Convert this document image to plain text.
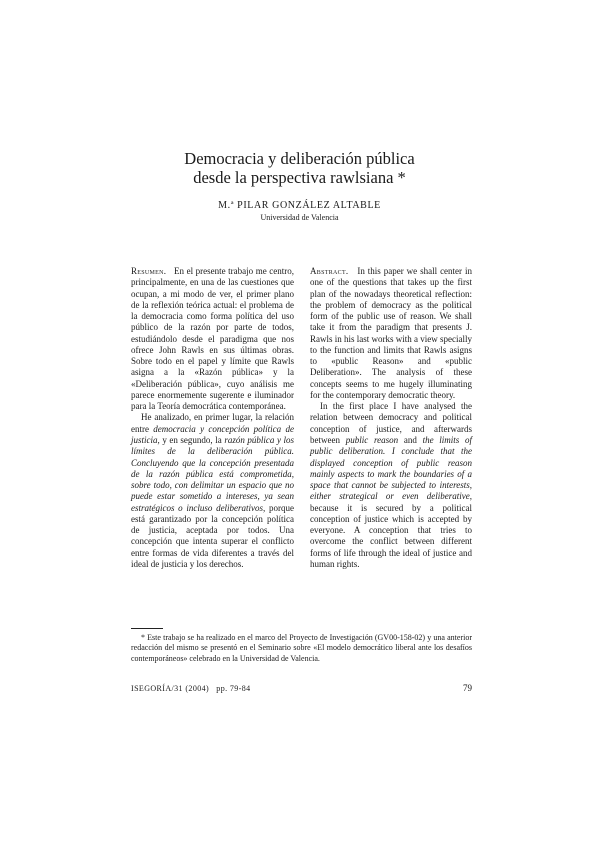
Democracia y deliberación pública
desde la perspectiva rawlsiana *
M.ª PILAR GONZÁLEZ ALTABLE
Universidad de Valencia

Resumen. En el presente trabajo me centro, principalmente, en una de las cuestiones que ocupan, a mi modo de ver, el primer plano de la reflexión teórica actual: el problema de la democracia como forma política del uso público de la razón por parte de todos, estudiándolo desde el paradigma que nos ofrece John Rawls en sus últimas obras. Sobre todo en el papel y límite que Rawls asigna a la «Razón pública» y la «Deliberación pública», cuyo análisis me parece enormemente sugerente e iluminador para la Teoría democrática contemporánea.

He analizado, en primer lugar, la relación entre democracia y concepción política de justicia, y en segundo, la razón pública y los límites de la deliberación pública. Concluyendo que la concepción presentada de la razón pública está comprometida, sobre todo, con delimitar un espacio que no puede estar sometido a intereses, ya sean estratégicos o incluso deliberativos, porque está garantizado por la concepción política de justicia, aceptada por todos. Una concepción que intenta superar el conflicto entre formas de vida diferentes a través del ideal de justicia y los derechos.

Abstract. In this paper we shall center in one of the questions that takes up the first plan of the nowadays theoretical reflection: the problem of democracy as the political form of the public use of reason. We shall take it from the paradigm that presents J. Rawls in his last works with a view specially to the function and limits that Rawls asigns to «public Reason» and «public Deliberation». The analysis of these concepts seems to me hugely illuminating for the contemporary democratic theory.

In the first place I have analysed the relation between democracy and political conception of justice, and afterwards between public reason and the limits of public deliberation. I conclude that the displayed conception of public reason mainly aspects to mark the boundaries of a space that cannot be subjected to interests, either strategical or even deliberative, because it is secured by a political conception of justice which is accepted by everyone. A conception that tries to overcome the conflict between different forms of life through the ideal of justice and human rights.

* Este trabajo se ha realizado en el marco del Proyecto de Investigación (GV00-158-02) y una anterior redacción del mismo se presentó en el Seminario sobre «El modelo democrático liberal ante los desafíos contemporáneos» celebrado en la Universidad de Valencia.

ISEGORÍA/31 (2004) pp. 79-84	79
